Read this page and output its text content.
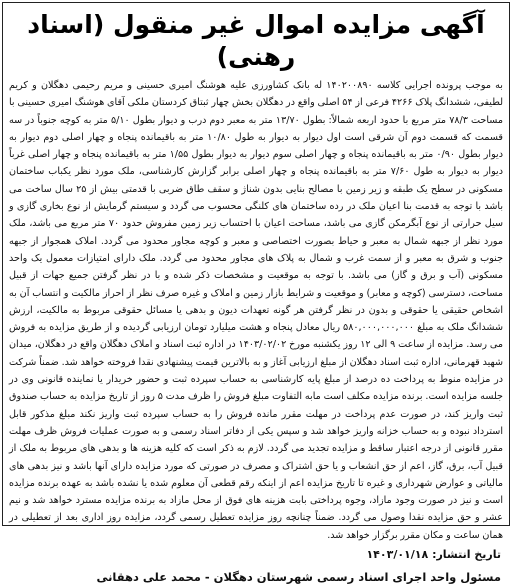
آگهی مزایده اموال غیر منقول (اسناد رهنی)
به موجب پرونده اجرایی کلاسه ۱۴۰۲۰۰۸۹۰ له بانک کشاورزی علیه هوشنگ امیری حسینی و مریم رحیمی دهگلان و کریم لطیفی، ششدانگ پلاک ۴۲۶۶ فرعی از ۵۴ اصلی واقع در دهگلان بخش چهار ثبتاق کردستان ملکی آقای هوشنگ امیری حسینی با مساحت ۷۸/۳ متر مربع با حدود اربعه شمالاً: بطول ۱۳/۷۰ متر به معبر دوم درب و دیوار بطول ۵/۱۰ متر به کوچه جنوباً در سه قسمت که قسمت دوم آن شرقی است اول دیوار به دیوار به طول ۱۰/۸۰ متر به باقیمانده پنجاه و چهار اصلی دوم دیوار به دیوار بطول ۰/۹۰ متر به باقیمانده پنجاه و چهار اصلی سوم دیوار به دیوار بطول ۱/۵۵ متر به باقیمانده پنجاه و چهار اصلی غرباً دیوار به دیوار به طول ۷/۶۰ متر به باقیمانده پنجاه و چهار اصلی برابر گزارش کارشناسی، ملک مورد نظر یکباب ساختمان مسکونی در سطح یک طبقه و زیر زمین با مصالح بنایی بدون شناژ و سقف طاق ضربی با قدمتی بیش از ۲۵ سال ساخت می باشد با توجه به قدمت بنا اعیان ملک در رده ساختمان های کلنگی محسوب می گردد و سیستم گرمایش از نوع بخاری گازی و سیل حرارتی از نوع آبگرمکن گازی می باشد، مساحت اعیان با احتساب زیر زمین مفروش حدود ۷۰ متر مربع می باشد، ملک مورد نظر از جبهه شمال به معبر و حیاط بصورت اختصاصی و معبر و کوچه مجاور محدود می گردد. املاک همجوار از جبهه جنوب و شرق به معبر و از سمت غرب و شمال به پلاک های مجاور محدود می گردد. ملک دارای امتیازات معمول یک واحد مسکونی (آب و برق و گاز) می باشد. با توجه به موقعیت و مشخصات ذکر شده و با در نظر گرفتن جمیع جهات از قبیل مساحت، دسترسی (کوچه و معابر) و موقعیت و شرایط بازار زمین و املاک و غیره صرف نظر از احراز مالکیت و انتساب آن به اشخاص حقیقی یا حقوقی و بدون در نظر گرفتن هر گونه تعهدات دیون و بدهی یا مسائل حقوقی مربوط به مالکیت، ارزش ششدانگ ملک به مبلغ ۵۸۰,۰۰۰,۰۰۰,۰۰۰ ریال معادل پنجاه و هشت میلیارد تومان ارزیابی گردیده و از طریق مزایده به فروش می رسد. مزایده از ساعت ۹ الی ۱۲ روز یکشنبه مورخ ۱۴۰۳/۰۲/۰۲ در اداره ثبت اسناد و املاک دهگلان واقع در دهگلان، میدان شهید قهرمانی، اداره ثبت اسناد دهگلان از مبلغ ارزیابی آغاز و به بالاترین قیمت پیشنهادی نقدا فروخته خواهد شد. ضمناً شرکت در مزایده منوط به پرداخت ده درصد از مبلغ پایه کارشناسی به حساب سپرده ثبت و حضور خریدار یا نماینده قانونی وی در جلسه مزایده است. برنده مزایده مکلف است مابه التفاوت مبلغ فروش را ظرف مدت ۵ روز از تاریخ مزایده به حساب صندوق ثبت واریز کند، در صورت عدم پرداخت در مهلت مقرر مانده فروش را به حساب سپرده ثبت واریز نکند مبلغ مذکور قابل استرداد نبوده و به حساب خزانه واریز خواهد شد و سپس یکی از دفاتر اسناد رسمی و به صورت عملیات فروش ظرف مهلت مقرر قانونی از درجه اعتبار ساقط و مزایده تجدید می گردد. لازم به ذکر است که کلیه هزینه ها و بدهی های مربوط به ملک از قبیل آب، برق، گاز، اعم از حق انشعاب و یا حق اشتراک و مصرف در صورتی که مورد مزایده دارای آنها باشد و نیز بدهی های مالیاتی و عوارض شهرداری و غیره تا تاریخ مزایده اعم از اینکه رقم قطعی آن معلوم شده یا نشده باشد به عهده برنده مزایده است و نیز در صورت وجود مازاد، وجوه پرداختی بابت هزینه های فوق از محل مازاد به برنده مزایده مسترد خواهد شد و نیم عشر و حق مزایده نقدا وصول می گردد. ضمناً چنانچه روز مزایده تعطیل رسمی گردد، مزایده روز اداری بعد از تعطیلی در همان ساعت و مکان مقرر برگزار خواهد شد.
تاریخ انتشار: ۱۴۰۳/۰۱/۱۸
مسئول واحد اجرای اسناد رسمی شهرستان دهگلان - محمد علی دهقانی
